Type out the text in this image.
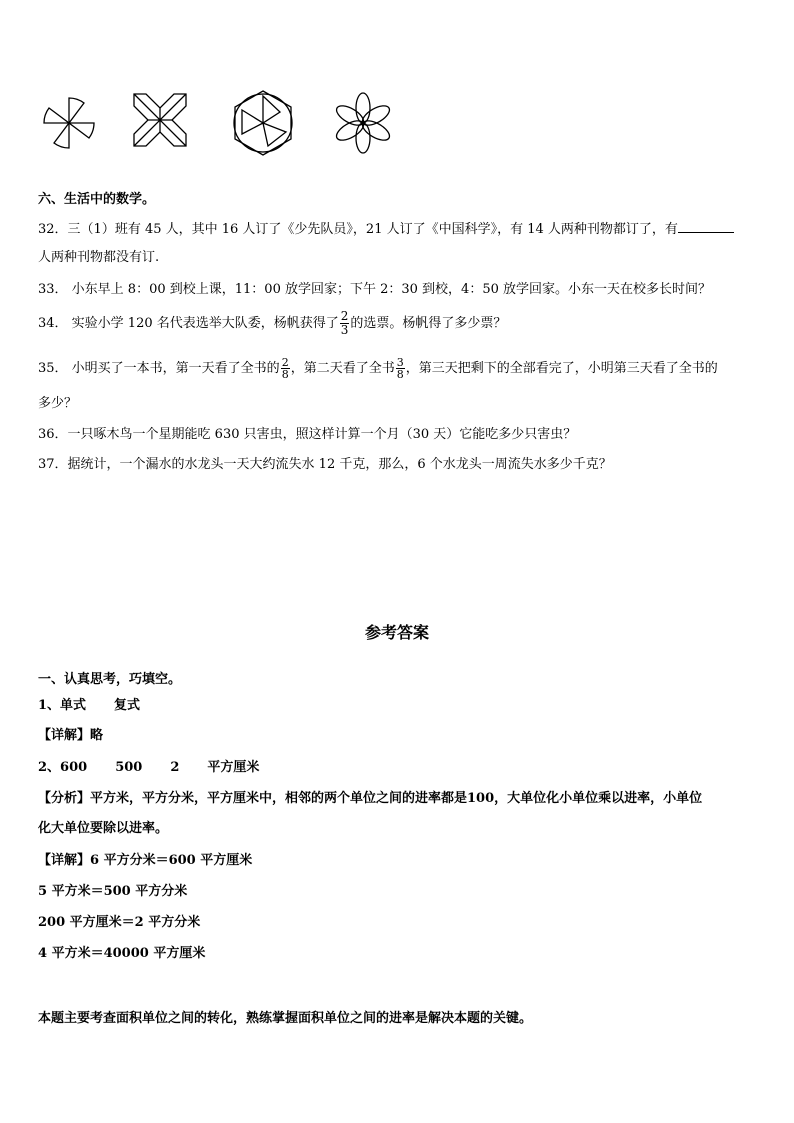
六、生活中的数学。
32．三（1）班有 45 人，其中 16 人订了《少先队员》，21 人订了《中国科学》，有 14 人两种刊物都订了，有
人两种刊物都没有订.
33． 小东早上 8：00 到校上课，11：00 放学回家；下午 2：30 到校，4：50 放学回家。小东一天在校多长时间？
34． 实验小学 120 名代表选举大队委，杨帆获得了 $\frac{2}{3}$ 的选票。杨帆得了多少票？
35． 小明买了一本书，第一天看了全书的 $\frac{2}{8}$ ，第二天看了全书 $\frac{3}{8}$ ，第三天把剩下的全部看完了，小明第三天看了全书的
多少？
36．一只啄木鸟一个星期能吃 630 只害虫，照这样计算一个月（30 天）它能吃多少只害虫？
37．据统计，一个漏水的水龙头一天大约流失水 12 千克，那么，6 个水龙头一周流失水多少千克？
参考答案
一、认真思考，巧填空。
1、单式 复式
【详解】略
2、600 500 2 平方厘米
【分析】平方米，平方分米，平方厘米中，相邻的两个单位之间的进率都是100，大单位化小单位乘以进率，小单位
化大单位要除以进率。
【详解】6 平方分米＝600 平方厘米
5 平方米＝500 平方分米
200 平方厘米＝2 平方分米
4 平方米＝40000 平方厘米
本题主要考查面积单位之间的转化，熟练掌握面积单位之间的进率是解决本题的关键。
